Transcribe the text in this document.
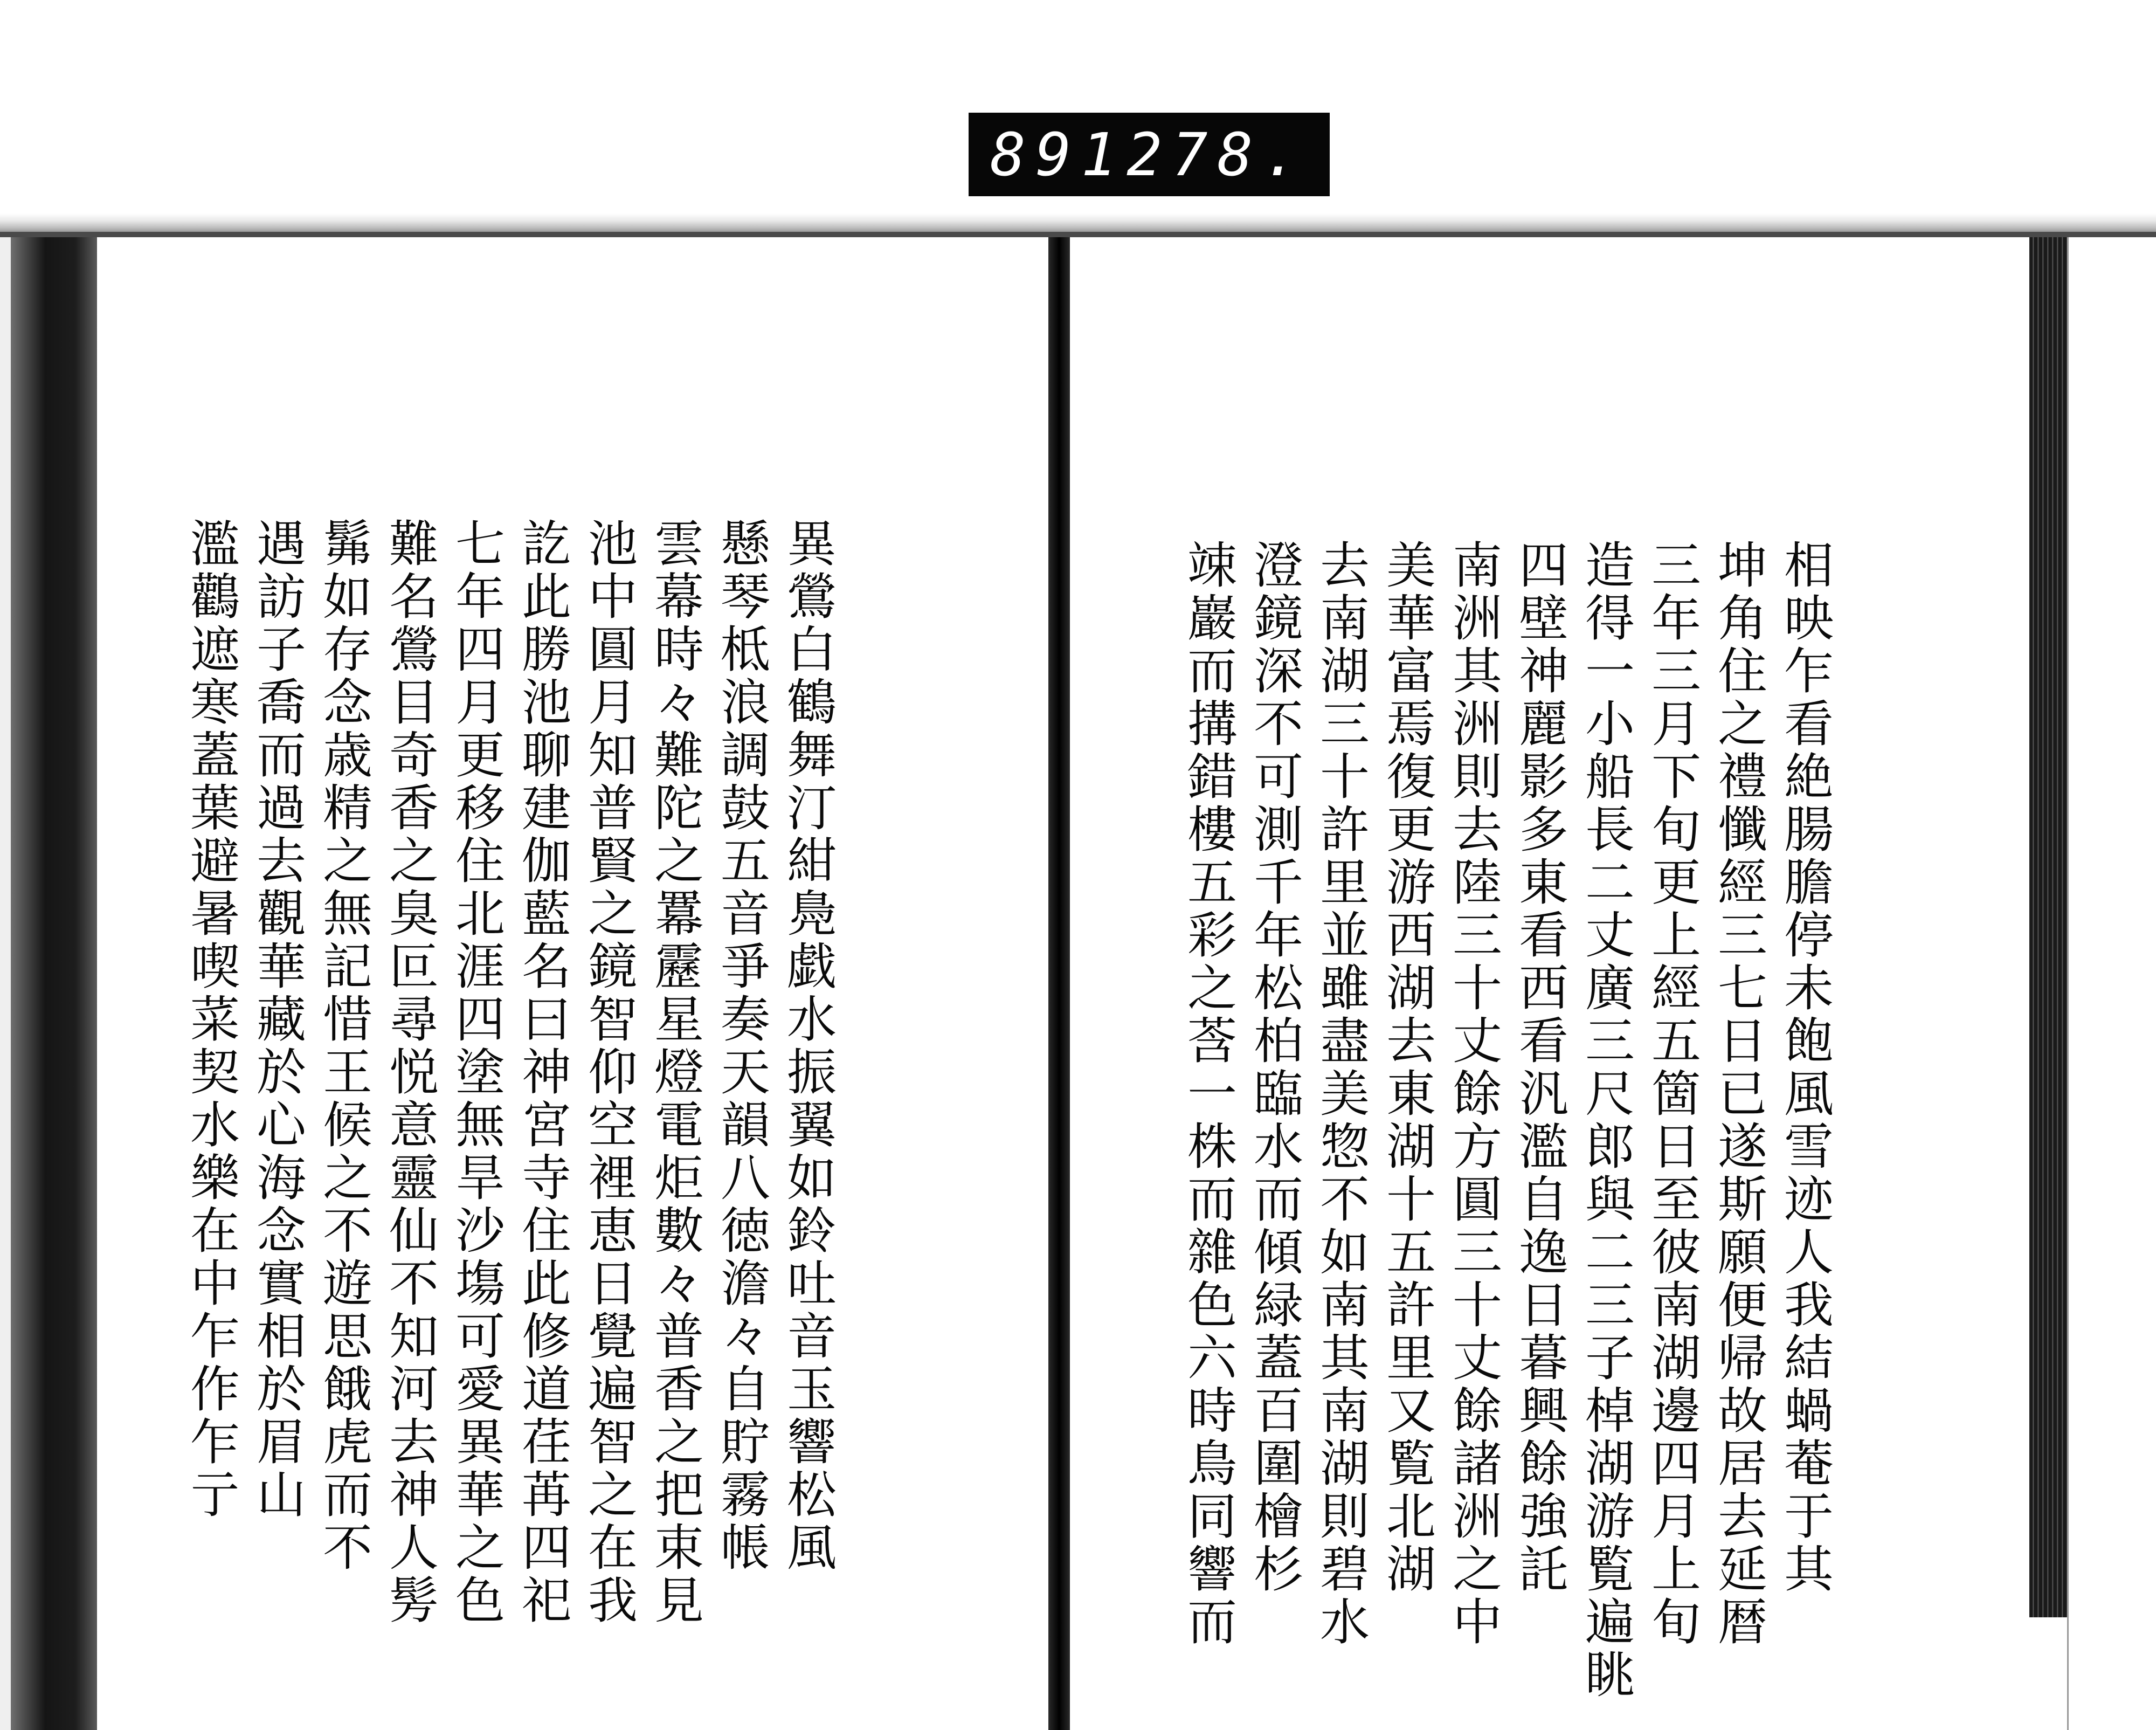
891 278.
異鶯白鶴舞汀紺鳧戯水振翼如鈴吐音玉響松風
懸琴柢浪調鼓五音爭奏天韻八徳澹々自貯霧帳
雲幕時々難陀之羃靂星燈電炬數々普香之把束見
池中圓月知普賢之鏡智仰空裡恵日覺遍智之在我
訖此勝池聊建伽藍名曰神宮寺住此修道荏苒四祀
七年四月更移住北涯四塗無旱沙塲可愛異華之色
難名鶯目奇香之臭叵尋悦意靈仙不知河去神人髣
髴如存念歳精之無記惜王候之不遊思餓虎而不
遇訪子喬而過去觀華藏於心海念實相於眉山
濫鸛遮寒蓋葉避暑喫菜契水樂在中乍作乍亍	相映乍看絶腸膽停未飽風雪迹人我結蝸菴于其
坤角住之禮懺經三七日已遂斯願便帰故居去延暦
三年三月下旬更上經五箇日至彼南湖邊四月上旬
造得一小船長二丈廣三尺郎與二三子棹湖游覧遍眺
四壁神麗影多東看西看汎濫自逸日暮興餘強託
南洲其洲則去陸三十丈餘方圓三十丈餘諸洲之中
美華富焉復更游西湖去東湖十五許里又覧北湖
去南湖三十許里並雖盡美惣不如南其南湖則碧水
澄鏡深不可測千年松柏臨水而傾緑蓋百圍檜杉
竦巖而搆錯樓五彩之莟一株而雜色六時鳥同響而
